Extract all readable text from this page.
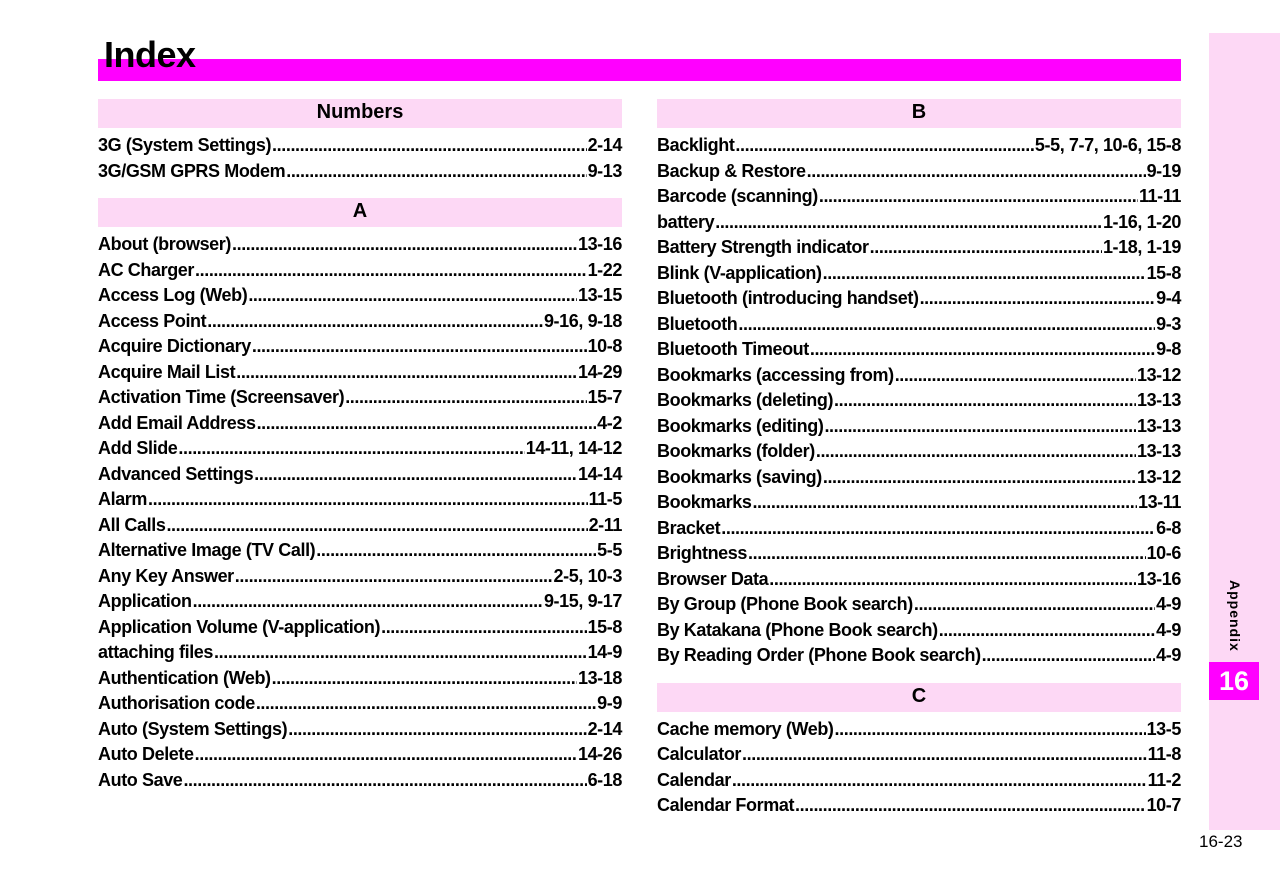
Index
Appendix
16
Numbers
3G (System Settings) .....	2-14
3G/GSM GPRS Modem .....	9-13
A
About (browser) .....	13-16
AC Charger .....	1-22
Access Log (Web) .....	13-15
Access Point .....	9-16, 9-18
Acquire Dictionary .....	10-8
Acquire Mail List .....	14-29
Activation Time (Screensaver) .....	15-7
Add Email Address .....	4-2
Add Slide .....	14-11, 14-12
Advanced Settings .....	14-14
Alarm .....	11-5
All Calls .....	2-11
Alternative Image (TV Call) .....	5-5
Any Key Answer .....	2-5, 10-3
Application .....	9-15, 9-17
Application Volume (V-application) .....	15-8
attaching files .....	14-9
Authentication (Web) .....	13-18
Authorisation code .....	9-9
Auto (System Settings) .....	2-14
Auto Delete .....	14-26
Auto Save .....	6-18
B
Backlight .....	5-5, 7-7, 10-6, 15-8
Backup & Restore .....	9-19
Barcode (scanning) .....	11-11
battery .....	1-16, 1-20
Battery Strength indicator .....	1-18, 1-19
Blink (V-application) .....	15-8
Bluetooth (introducing handset) .....	9-4
Bluetooth .....	9-3
Bluetooth Timeout .....	9-8
Bookmarks (accessing from) .....	13-12
Bookmarks (deleting) .....	13-13
Bookmarks (editing) .....	13-13
Bookmarks (folder) .....	13-13
Bookmarks (saving) .....	13-12
Bookmarks .....	13-11
Bracket .....	6-8
Brightness .....	10-6
Browser Data .....	13-16
By Group (Phone Book search) .....	4-9
By Katakana (Phone Book search) .....	4-9
By Reading Order (Phone Book search) .....	4-9
C
Cache memory (Web) .....	13-5
Calculator .....	11-8
Calendar .....	11-2
Calendar Format .....	10-7
16-23
